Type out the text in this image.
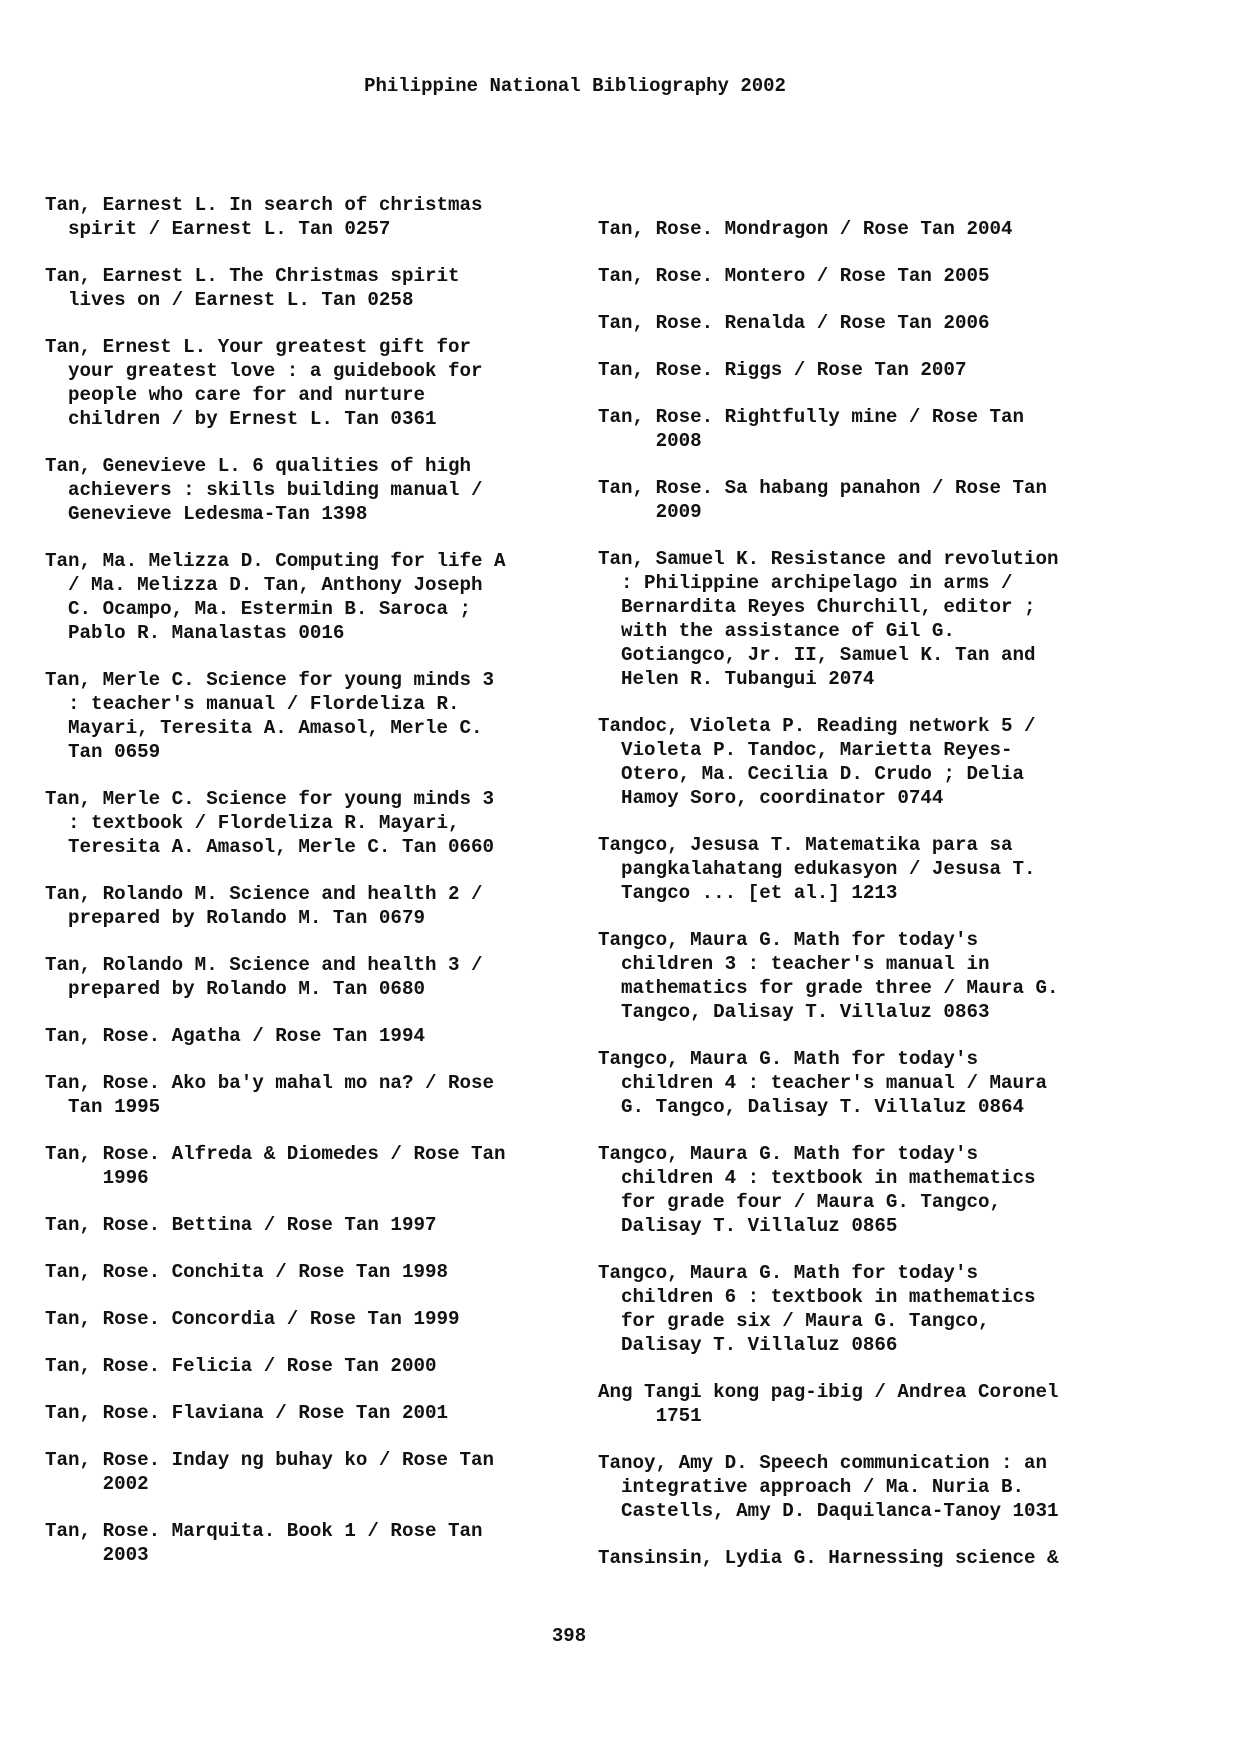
Philippine National Bibliography 2002
Tan, Earnest L. In search of christmas
spirit / Earnest L. Tan 0257
Tan, Earnest L. The Christmas spirit
lives on / Earnest L. Tan 0258
Tan, Ernest L. Your greatest gift for
your greatest love : a guidebook for
people who care for and nurture
children / by Ernest L. Tan 0361
Tan, Genevieve L. 6 qualities of high
achievers : skills building manual /
Genevieve Ledesma-Tan 1398
Tan, Ma. Melizza D. Computing for life A
/ Ma. Melizza D. Tan, Anthony Joseph
C. Ocampo, Ma. Estermin B. Saroca ;
Pablo R. Manalastas 0016
Tan, Merle C. Science for young minds 3
: teacher's manual / Flordeliza R.
Mayari, Teresita A. Amasol, Merle C.
Tan 0659
Tan, Merle C. Science for young minds 3
: textbook / Flordeliza R. Mayari,
Teresita A. Amasol, Merle C. Tan 0660
Tan, Rolando M. Science and health 2 /
prepared by Rolando M. Tan 0679
Tan, Rolando M. Science and health 3 /
prepared by Rolando M. Tan 0680
Tan, Rose. Agatha / Rose Tan 1994
Tan, Rose. Ako ba'y mahal mo na? / Rose
Tan 1995
Tan, Rose. Alfreda & Diomedes / Rose Tan
1996
Tan, Rose. Bettina / Rose Tan 1997
Tan, Rose. Conchita / Rose Tan 1998
Tan, Rose. Concordia / Rose Tan 1999
Tan, Rose. Felicia / Rose Tan 2000
Tan, Rose. Flaviana / Rose Tan 2001
Tan, Rose. Inday ng buhay ko / Rose Tan
2002
Tan, Rose. Marquita. Book 1 / Rose Tan
2003
Tan, Rose. Mondragon / Rose Tan 2004
Tan, Rose. Montero / Rose Tan 2005
Tan, Rose. Renalda / Rose Tan 2006
Tan, Rose. Riggs / Rose Tan 2007
Tan, Rose. Rightfully mine / Rose Tan
2008
Tan, Rose. Sa habang panahon / Rose Tan
2009
Tan, Samuel K. Resistance and revolution
: Philippine archipelago in arms /
Bernardita Reyes Churchill, editor ;
with the assistance of Gil G.
Gotiangco, Jr. II, Samuel K. Tan and
Helen R. Tubangui 2074
Tandoc, Violeta P. Reading network 5 /
Violeta P. Tandoc, Marietta Reyes-
Otero, Ma. Cecilia D. Crudo ; Delia
Hamoy Soro, coordinator 0744
Tangco, Jesusa T. Matematika para sa
pangkalahatang edukasyon / Jesusa T.
Tangco ... [et al.] 1213
Tangco, Maura G. Math for today's
children 3 : teacher's manual in
mathematics for grade three / Maura G.
Tangco, Dalisay T. Villaluz 0863
Tangco, Maura G. Math for today's
children 4 : teacher's manual / Maura
G. Tangco, Dalisay T. Villaluz 0864
Tangco, Maura G. Math for today's
children 4 : textbook in mathematics
for grade four / Maura G. Tangco,
Dalisay T. Villaluz 0865
Tangco, Maura G. Math for today's
children 6 : textbook in mathematics
for grade six / Maura G. Tangco,
Dalisay T. Villaluz 0866
Ang Tangi kong pag-ibig / Andrea Coronel
1751
Tanoy, Amy D. Speech communication : an
integrative approach / Ma. Nuria B.
Castells, Amy D. Daquilanca-Tanoy 1031
Tansinsin, Lydia G. Harnessing science &
398
